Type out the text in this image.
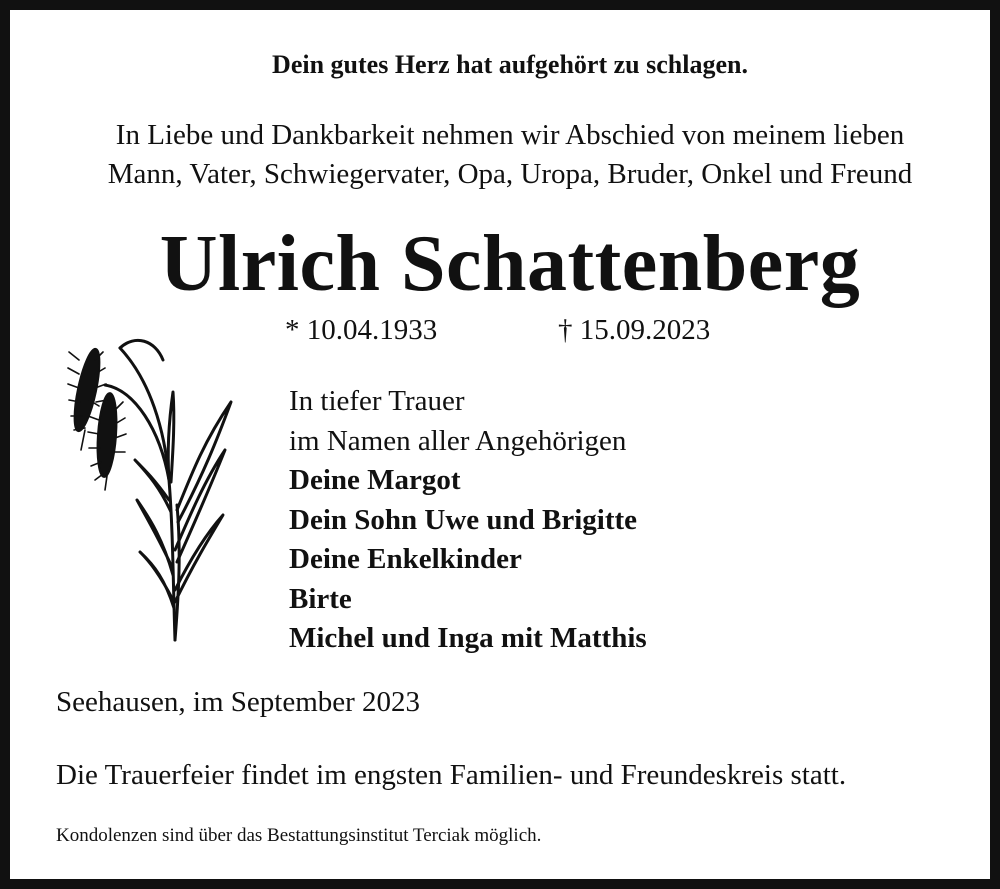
Dein gutes Herz hat aufgehört zu schlagen.

In Liebe und Dankbarkeit nehmen wir Abschied von meinem lieben
Mann, Vater, Schwiegervater, Opa, Uropa, Bruder, Onkel und Freund

Ulrich Schattenberg

* 10.04.1933	† 15.09.2023

In tiefer Trauer
im Namen aller Angehörigen
Deine Margot
Dein Sohn Uwe und Brigitte
Deine Enkelkinder
Birte
Michel und Inga mit Matthis

Seehausen, im September 2023

Die Trauerfeier findet im engsten Familien- und Freundeskreis statt.

Kondolenzen sind über das Bestattungsinstitut Terciak möglich.
